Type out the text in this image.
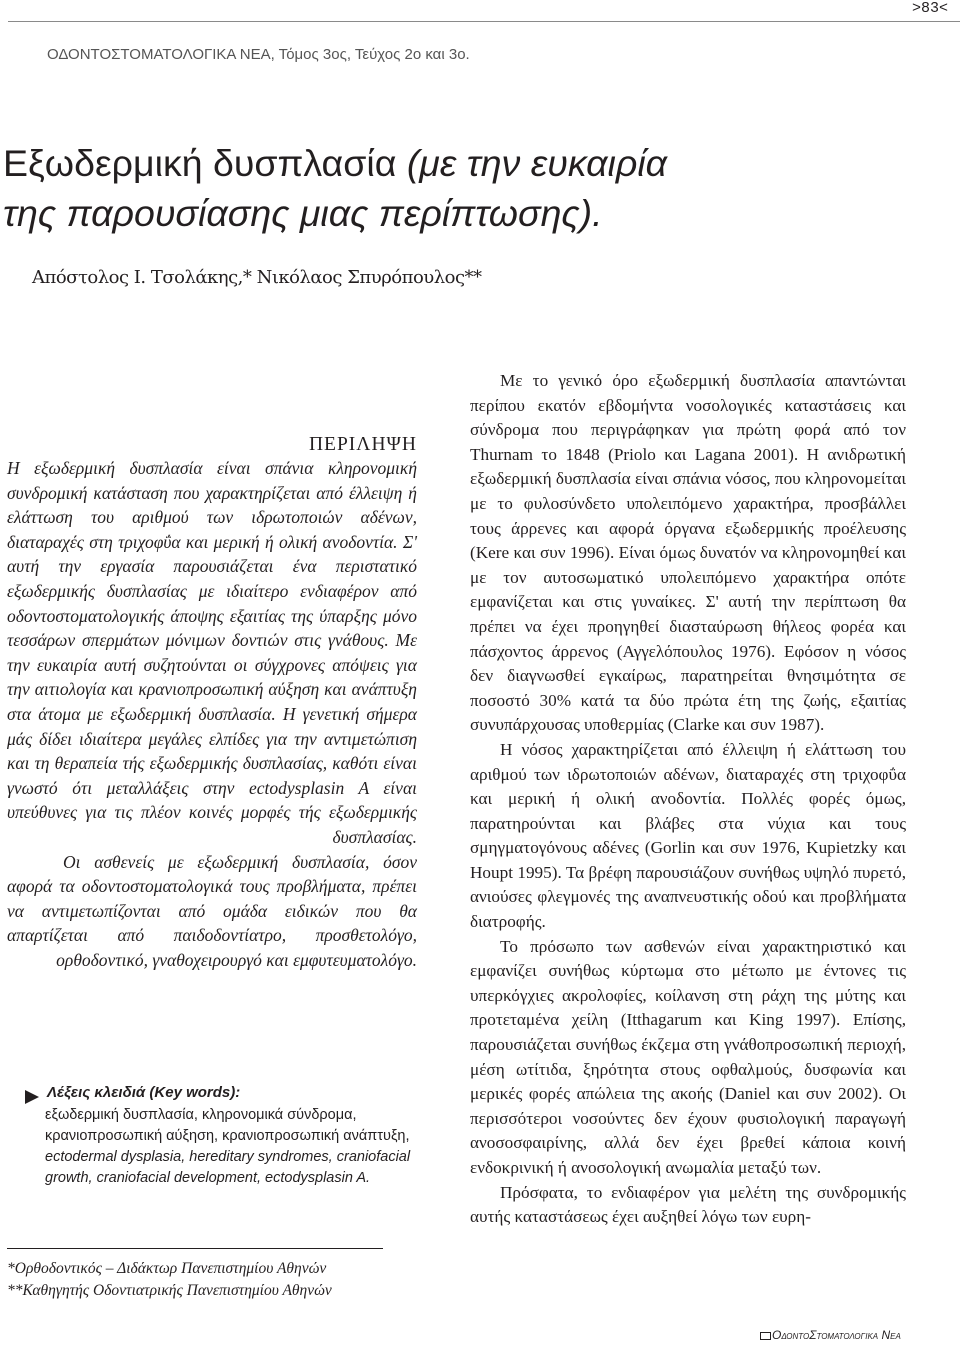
>83<
ΟΔΟΝΤΟΣΤΟΜΑΤΟΛΟΓΙΚΑ ΝΕΑ, Τόμος 3ος, Τεύχος 2ο και 3ο.
Εξωδερμική δυσπλασία (με την ευκαιρία
της παρουσίασης μιας περίπτωσης).
Απόστολος Ι. Τσολάκης,* Νικόλαος Σπυρόπουλος**
ΠΕΡΙΛΗΨΗ
Η εξωδερμική δυσπλασία είναι σπάνια κληρονομική συνδρομική κατάσταση που χαρακτηρίζεται από έλλειψη ή ελάττωση του αριθμού των ιδρωτοποιών αδένων, διαταραχές στη τριχοφΰα και μερική ή ολική ανοδοντία. Σ' αυτή την εργασία παρουσιάζεται ένα περιστατικό εξωδερμικής δυσπλασίας με ιδιαίτερο ενδιαφέρον από οδοντοστοματολογικής άποψης εξαιτίας της ύπαρξης μόνο τεσσάρων σπερμάτων μόνιμων δοντιών στις γνάθους. Με την ευκαιρία αυτή συζητούνται οι σύγχρονες απόψεις για την αιτιολογία και κρανιοπροσωπική αύξηση και ανάπτυξη στα άτομα με εξωδερμική δυσπλασία. Η γενετική σήμερα μάς δίδει ιδιαίτερα μεγάλες ελπίδες για την αντιμετώπιση και τη θεραπεία τής εξωδερμικής δυσπλασίας, καθότι είναι γνωστό ότι μεταλλάξεις στην ectodysplasin A είναι υπεύθυνες για τις πλέον κοινές μορφές τής εξωδερμικής δυσπλασίας.
Οι ασθενείς με εξωδερμική δυσπλασία, όσον αφορά τα οδοντοστοματολογικά τους προβλήματα, πρέπει να αντιμετωπίζονται από ομάδα ειδικών που θα απαρτίζεται από παιδοδοντίατρο, προσθετολόγο, ορθοδοντικό, γναθοχειρουργό και εμφυτευματολόγο.
Λέξεις κλειδιά (Key words):
εξωδερμική δυσπλασία, κληρονομικά σύνδρομα, κρανιοπροσωπική αύξηση, κρανιοπροσωπική ανάπτυξη, ectodermal dysplasia, hereditary syndromes, craniofacial growth, craniofacial development, ectodysplasin A.
*Ορθοδοντικός – Διδάκτωρ Πανεπιστημίου Αθηνών
**Καθηγητής Οδοντιατρικής Πανεπιστημίου Αθηνών

Με το γενικό όρο εξωδερμική δυσπλασία απαντώνται περίπου εκατόν εβδομήντα νοσολογικές καταστάσεις και σύνδρομα που περιγράφηκαν για πρώτη φορά από τον Thurnam το 1848 (Priolo και Lagana 2001). Η ανιδρωτική εξωδερμική δυσπλασία είναι σπάνια νόσος, που κληρονομείται με το φυλοσύνδετο υπολειπόμενο χαρακτήρα, προσβάλλει τους άρρενες και αφορά όργανα εξωδερμικής προέλευσης (Kere και συν 1996). Είναι όμως δυνατόν να κληρονομηθεί και με τον αυτοσωματικό υπολειπόμενο χαρακτήρα οπότε εμφανίζεται και στις γυναίκες. Σ' αυτή την περίπτωση θα πρέπει να έχει προηγηθεί διασταύρωση θήλεος φορέα και πάσχοντος άρρενος (Αγγελόπουλος 1976). Εφόσον η νόσος δεν διαγνωσθεί εγκαίρως, παρατηρείται θνησιμότητα σε ποσοστό 30% κατά τα δύο πρώτα έτη της ζωής, εξαιτίας συνυπάρχουσας υποθερμίας (Clarke και συν 1987).

Η νόσος χαρακτηρίζεται από έλλειψη ή ελάττωση του αριθμού των ιδρωτοποιών αδένων, διαταραχές στη τριχοφΰα και μερική ή ολική ανοδοντία. Πολλές φορές όμως, παρατηρούνται και βλάβες στα νύχια και τους σμηγματογόνους αδένες (Gorlin και συν 1976, Kupietzky και Houpt 1995). Τα βρέφη παρουσιάζουν συνήθως υψηλό πυρετό, ανιούσες φλεγμονές της αναπνευστικής οδού και προβλήματα διατροφής.

Το πρόσωπο των ασθενών είναι χαρακτηριστικό και εμφανίζει συνήθως κύρτωμα στο μέτωπο με έντονες τις υπερκόγχιες ακρολοφίες, κοίλανση στη ράχη της μύτης και προτεταμένα χείλη (Itthagarum και King 1997). Επίσης, παρουσιάζεται συνήθως έκζεμα στη γνάθοπροσωπική περιοχή, μέση ωτίτιδα, ξηρότητα στους οφθαλμούς, δυσφωνία και μερικές φορές απώλεια της ακοής (Daniel και συν 2002). Οι περισσότεροι νοσούντες δεν έχουν φυσιολογική παραγωγή ανοσοσφαιρίνης, αλλά δεν έχει βρεθεί κάποια κοινή ενδοκρινική ή ανοσολογική ανωμαλία μεταξύ των.

Πρόσφατα, το ενδιαφέρον για μελέτη της συνδρομικής αυτής καταστάσεως έχει αυξηθεί λόγω των ευρη-

ΟδοντοΣτοματολογικα Νεα
